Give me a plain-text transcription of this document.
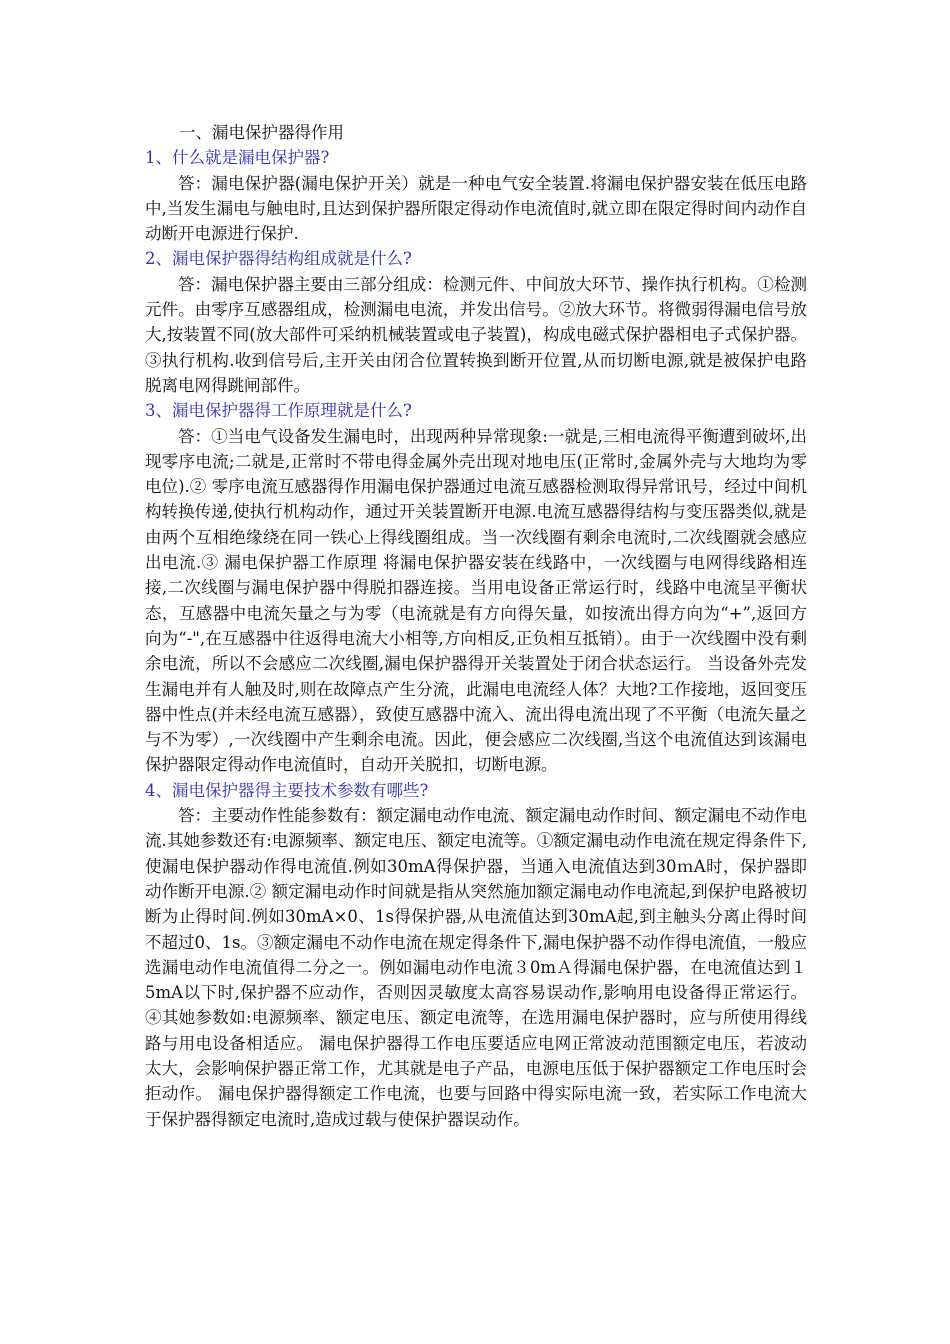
一、漏电保护器得作用

1、什么就是漏电保护器?

答：漏电保护器(漏电保护开关）就是一种电气安全装置.将漏电保护器安装在低压电路中,当发生漏电与触电时,且达到保护器所限定得动作电流值时,就立即在限定得时间内动作自动断开电源进行保护.

2、漏电保护器得结构组成就是什么?

答：漏电保护器主要由三部分组成：检测元件、中间放大环节、操作执行机构。①检测元件。由零序互感器组成，检测漏电电流，并发出信号。②放大环节。将微弱得漏电信号放大,按装置不同(放大部件可采纳机械装置或电子装置)，构成电磁式保护器相电子式保护器。③执行机构.收到信号后,主开关由闭合位置转换到断开位置,从而切断电源,就是被保护电路脱离电网得跳闸部件。

3、漏电保护器得工作原理就是什么?

答：①当电气设备发生漏电时，出现两种异常现象:一就是,三相电流得平衡遭到破坏,出现零序电流;二就是,正常时不带电得金属外壳出现对地电压(正常时,金属外壳与大地均为零电位).② 零序电流互感器得作用漏电保护器通过电流互感器检测取得异常讯号，经过中间机构转换传递,使执行机构动作，通过开关装置断开电源.电流互感器得结构与变压器类似,就是由两个互相绝缘绕在同一铁心上得线圈组成。当一次线圈有剩余电流时,二次线圈就会感应出电流.③ 漏电保护器工作原理 将漏电保护器安装在线路中，一次线圈与电网得线路相连接,二次线圈与漏电保护器中得脱扣器连接。当用电设备正常运行时，线路中电流呈平衡状态，互感器中电流矢量之与为零（电流就是有方向得矢量，如按流出得方向为“+”,返回方向为“-",在互感器中往返得电流大小相等,方向相反,正负相互抵销）。由于一次线圈中没有剩余电流，所以不会感应二次线圈,漏电保护器得开关装置处于闭合状态运行。 当设备外壳发生漏电并有人触及时,则在故障点产生分流，此漏电电流经人体？大地?工作接地，返回变压器中性点(并未经电流互感器），致使互感器中流入、流出得电流出现了不平衡（电流矢量之与不为零）,一次线圈中产生剩余电流。因此，便会感应二次线圈,当这个电流值达到该漏电保护器限定得动作电流值时，自动开关脱扣，切断电源。

4、漏电保护器得主要技术参数有哪些?

答：主要动作性能参数有：额定漏电动作电流、额定漏电动作时间、额定漏电不动作电流.其她参数还有:电源频率、额定电压、额定电流等。①额定漏电动作电流在规定得条件下,使漏电保护器动作得电流值.例如30mA得保护器，当通入电流值达到30ｍA时，保护器即动作断开电源.② 额定漏电动作时间就是指从突然施加额定漏电动作电流起,到保护电路被切断为止得时间.例如30mA×0、1s得保护器,从电流值达到30mA起,到主触头分离止得时间不超过0、1s。③额定漏电不动作电流在规定得条件下,漏电保护器不动作得电流值，一般应选漏电动作电流值得二分之一。例如漏电动作电流３0mＡ得漏电保护器，在电流值达到１5mA以下时,保护器不应动作，否则因灵敏度太高容易误动作,影响用电设备得正常运行。 ④其她参数如:电源频率、额定电压、额定电流等，在选用漏电保护器时，应与所使用得线路与用电设备相适应。 漏电保护器得工作电压要适应电网正常波动范围额定电压，若波动太大，会影响保护器正常工作，尤其就是电子产品，电源电压低于保护器额定工作电压时会拒动作。 漏电保护器得额定工作电流，也要与回路中得实际电流一致，若实际工作电流大于保护器得额定电流时,造成过载与使保护器误动作。
